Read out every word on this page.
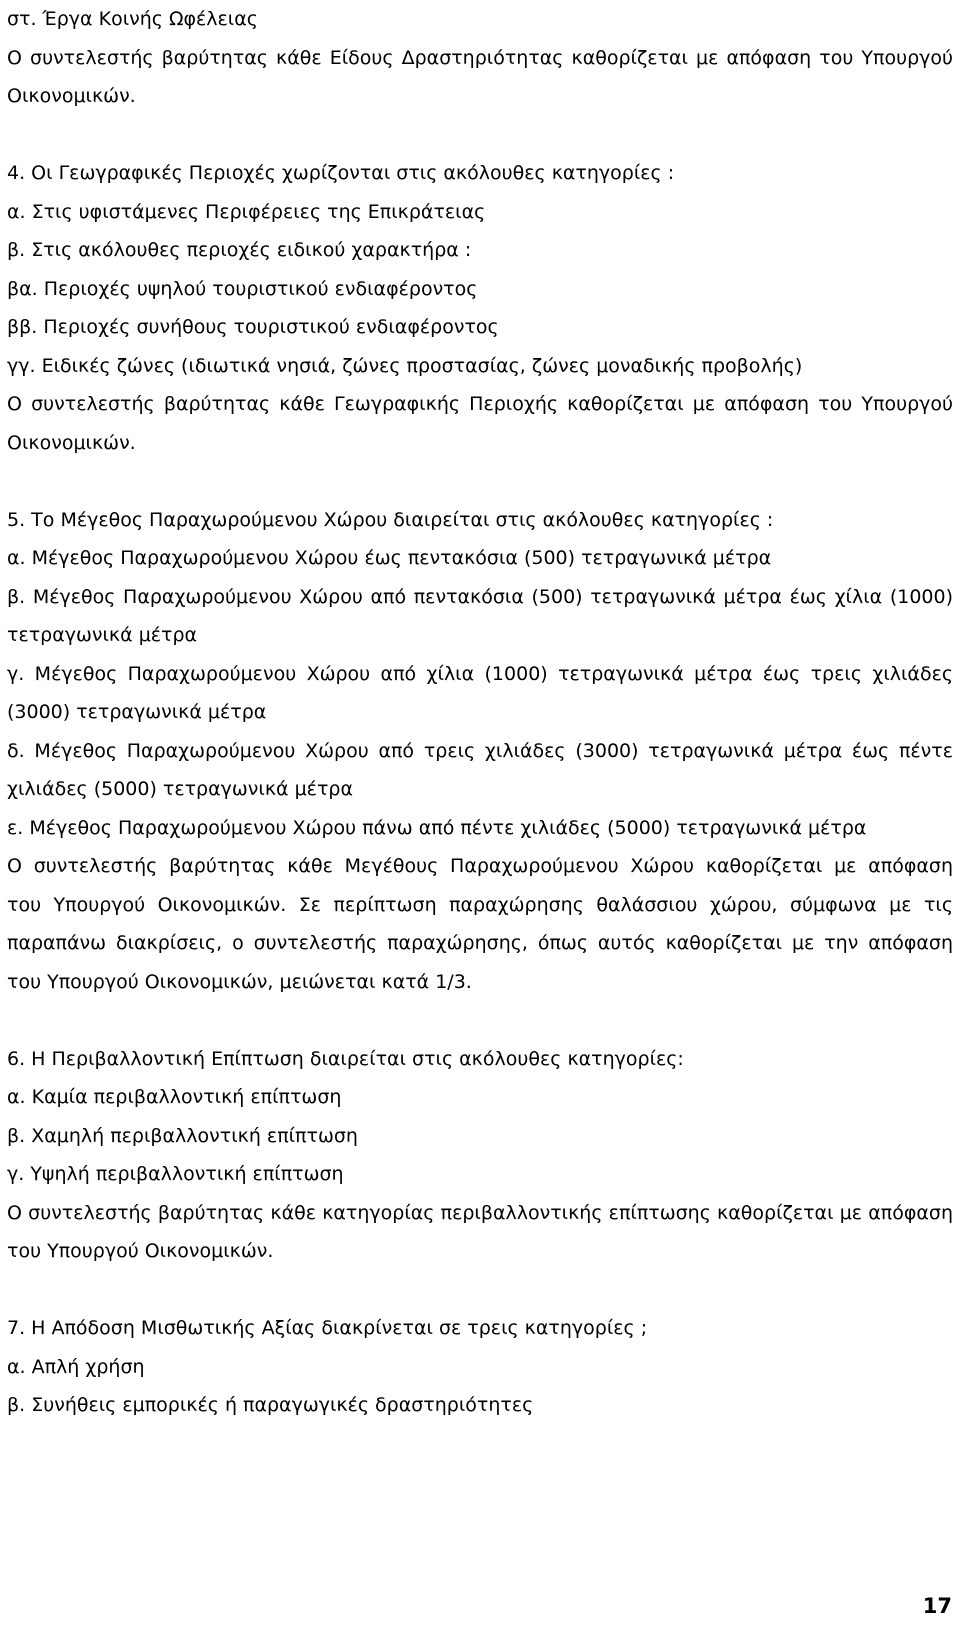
στ. Έργα Κοινής Ωφέλειας

Ο συντελεστής βαρύτητας κάθε Είδους Δραστηριότητας καθορίζεται με απόφαση του Υπουργού

Οικονομικών.

4. Οι Γεωγραφικές Περιοχές χωρίζονται στις ακόλουθες κατηγορίες :

α. Στις υφιστάμενες Περιφέρειες της Επικράτειας

β. Στις ακόλουθες περιοχές ειδικού χαρακτήρα :

βα. Περιοχές υψηλού τουριστικού ενδιαφέροντος

ββ. Περιοχές συνήθους τουριστικού ενδιαφέροντος

γγ. Ειδικές ζώνες (ιδιωτικά νησιά, ζώνες προστασίας, ζώνες μοναδικής προβολής)

Ο συντελεστής βαρύτητας κάθε Γεωγραφικής Περιοχής καθορίζεται με απόφαση του Υπουργού

Οικονομικών.

5. Το Μέγεθος Παραχωρούμενου Χώρου διαιρείται στις ακόλουθες κατηγορίες :

α. Μέγεθος Παραχωρούμενου Χώρου έως πεντακόσια (500) τετραγωνικά μέτρα

β. Μέγεθος Παραχωρούμενου Χώρου από πεντακόσια (500) τετραγωνικά μέτρα έως χίλια (1000)

τετραγωνικά μέτρα

γ. Μέγεθος Παραχωρούμενου Χώρου από χίλια (1000) τετραγωνικά μέτρα έως τρεις χιλιάδες

(3000) τετραγωνικά μέτρα

δ. Μέγεθος Παραχωρούμενου Χώρου από τρεις χιλιάδες (3000) τετραγωνικά μέτρα έως πέντε

χιλιάδες (5000) τετραγωνικά μέτρα

ε. Μέγεθος Παραχωρούμενου Χώρου πάνω από πέντε χιλιάδες (5000) τετραγωνικά μέτρα

Ο συντελεστής βαρύτητας κάθε Μεγέθους Παραχωρούμενου Χώρου καθορίζεται με απόφαση

του Υπουργού Οικονομικών. Σε περίπτωση παραχώρησης θαλάσσιου χώρου, σύμφωνα με τις

παραπάνω διακρίσεις, ο συντελεστής παραχώρησης, όπως αυτός καθορίζεται με την απόφαση

του Υπουργού Οικονομικών, μειώνεται κατά 1/3.

6. Η Περιβαλλοντική Επίπτωση διαιρείται στις ακόλουθες κατηγορίες:

α. Καμία περιβαλλοντική επίπτωση

β. Χαμηλή περιβαλλοντική επίπτωση

γ. Υψηλή περιβαλλοντική επίπτωση

Ο συντελεστής βαρύτητας κάθε κατηγορίας περιβαλλοντικής επίπτωσης καθορίζεται με απόφαση

του Υπουργού Οικονομικών.

7. Η Απόδοση Μισθωτικής Αξίας διακρίνεται σε τρεις κατηγορίες ;

α. Απλή χρήση

β. Συνήθεις εμπορικές ή παραγωγικές δραστηριότητες

17
